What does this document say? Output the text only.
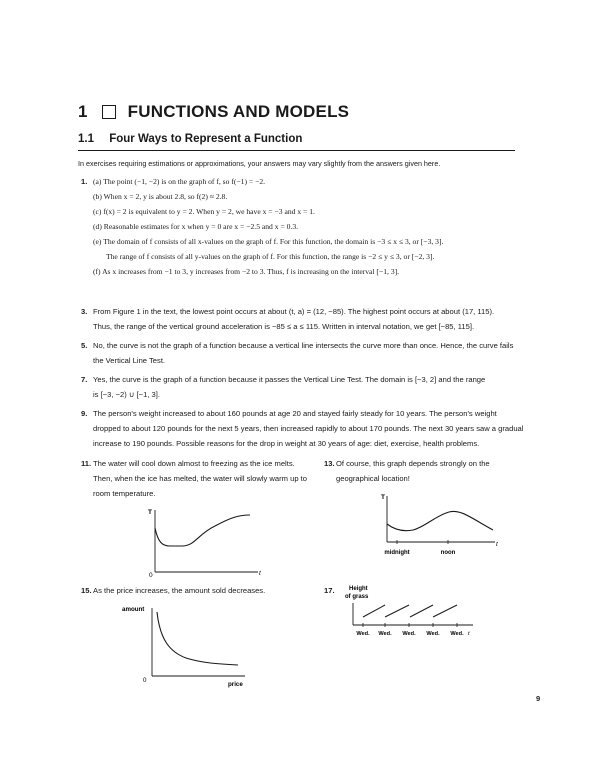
1 FUNCTIONS AND MODELS
1.1 Four Ways to Represent a Function
In exercises requiring estimations or approximations, your answers may vary slightly from the answers given here.
1. (a) The point (−1, −2) is on the graph of f, so f(−1) = −2.
(b) When x = 2, y is about 2.8, so f(2) ≈ 2.8.
(c) f(x) = 2 is equivalent to y = 2. When y = 2, we have x = −3 and x = 1.
(d) Reasonable estimates for x when y = 0 are x = −2.5 and x = 0.3.
(e) The domain of f consists of all x-values on the graph of f. For this function, the domain is −3 ≤ x ≤ 3, or [−3, 3].
The range of f consists of all y-values on the graph of f. For this function, the range is −2 ≤ y ≤ 3, or [−2, 3].
(f) As x increases from −1 to 3, y increases from −2 to 3. Thus, f is increasing on the interval [−1, 3].
3. From Figure 1 in the text, the lowest point occurs at about (t, a) = (12, −85). The highest point occurs at about (17, 115).
Thus, the range of the vertical ground acceleration is −85 ≤ a ≤ 115. Written in interval notation, we get [−85, 115].
5. No, the curve is not the graph of a function because a vertical line intersects the curve more than once. Hence, the curve fails
the Vertical Line Test.
7. Yes, the curve is the graph of a function because it passes the Vertical Line Test. The domain is [−3, 2] and the range
is [−3, −2) ∪ [−1, 3].
9. The person's weight increased to about 160 pounds at age 20 and stayed fairly steady for 10 years. The person's weight
dropped to about 120 pounds for the next 5 years, then increased rapidly to about 170 pounds. The next 30 years saw a gradual
increase to 190 pounds. Possible reasons for the drop in weight at 30 years of age: diet, exercise, health problems.
11. The water will cool down almost to freezing as the ice melts. Then, when the ice has melted, the water will slowly warm up to room temperature.
13. Of course, this graph depends strongly on the geographical location!
T
t
0
T
t
midnight	noon
15. As the price increases, the amount sold decreases.	17.
amount
price
0
Height
of grass
Wed. Wed. Wed. Wed. Wed. t
9
